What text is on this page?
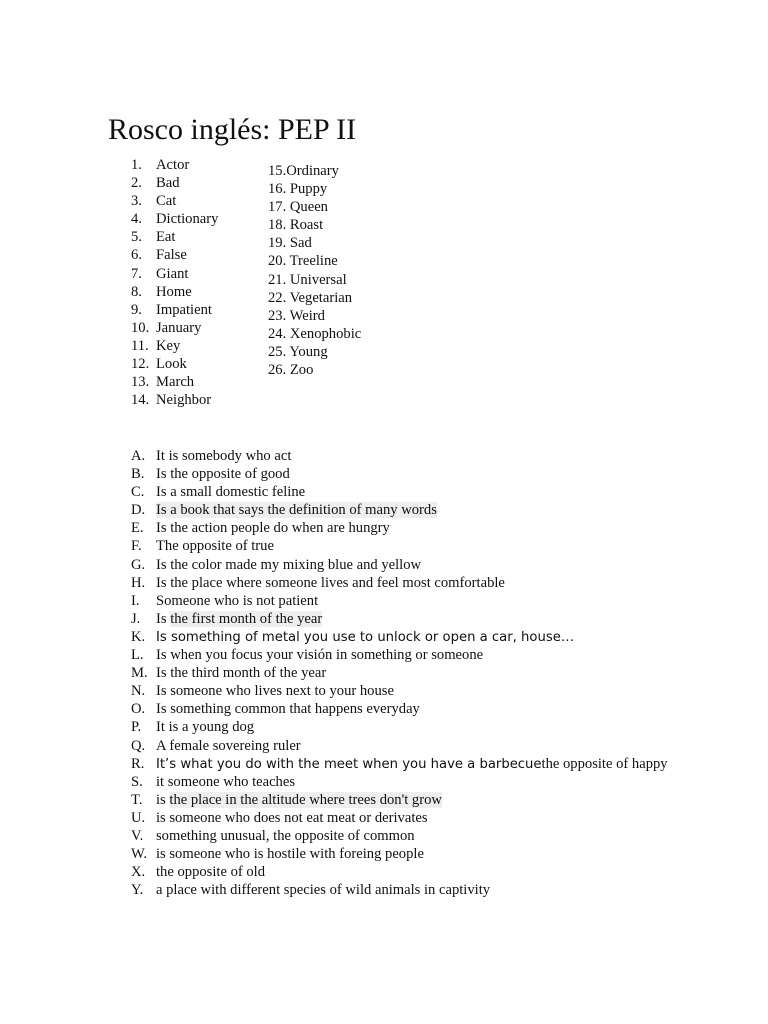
Rosco inglés: PEP II
1. Actor
2. Bad
3. Cat
4. Dictionary
5. Eat
6. False
7. Giant
8. Home
9. Impatient
10. January
11. Key
12. Look
13. March
14. Neighbor
15.Ordinary
16. Puppy
17. Queen
18. Roast
19. Sad
20. Treeline
21. Universal
22. Vegetarian
23. Weird
24. Xenophobic
25. Young
26. Zoo
A. It is somebody who act
B. Is the opposite of good
C. Is a small domestic feline
D. Is a book that says the definition of many words
E. Is the action people do when are hungry
F. The opposite of true
G. Is the color made my mixing blue and yellow
H. Is the place where someone lives and feel most comfortable
I. Someone who is not patient
J. Is the first month of the year
K. Is something of metal you use to unlock or open a car, house…
L. Is when you focus your visión in something or someone
M. Is the third month of the year
N. Is someone who lives next to your house
O. Is something common that happens everyday
P. It is a young dog
Q. A female sovereing ruler
R. It’s what you do with the meet when you have a barbecuethe opposite of happy
S. it someone who teaches
T. is the place in the altitude where trees don't grow
U. is someone who does not eat meat or derivates
V. something unusual, the opposite of common
W. is someone who is hostile with foreing people
X. the opposite of old
Y. a place with different species of wild animals in captivity
